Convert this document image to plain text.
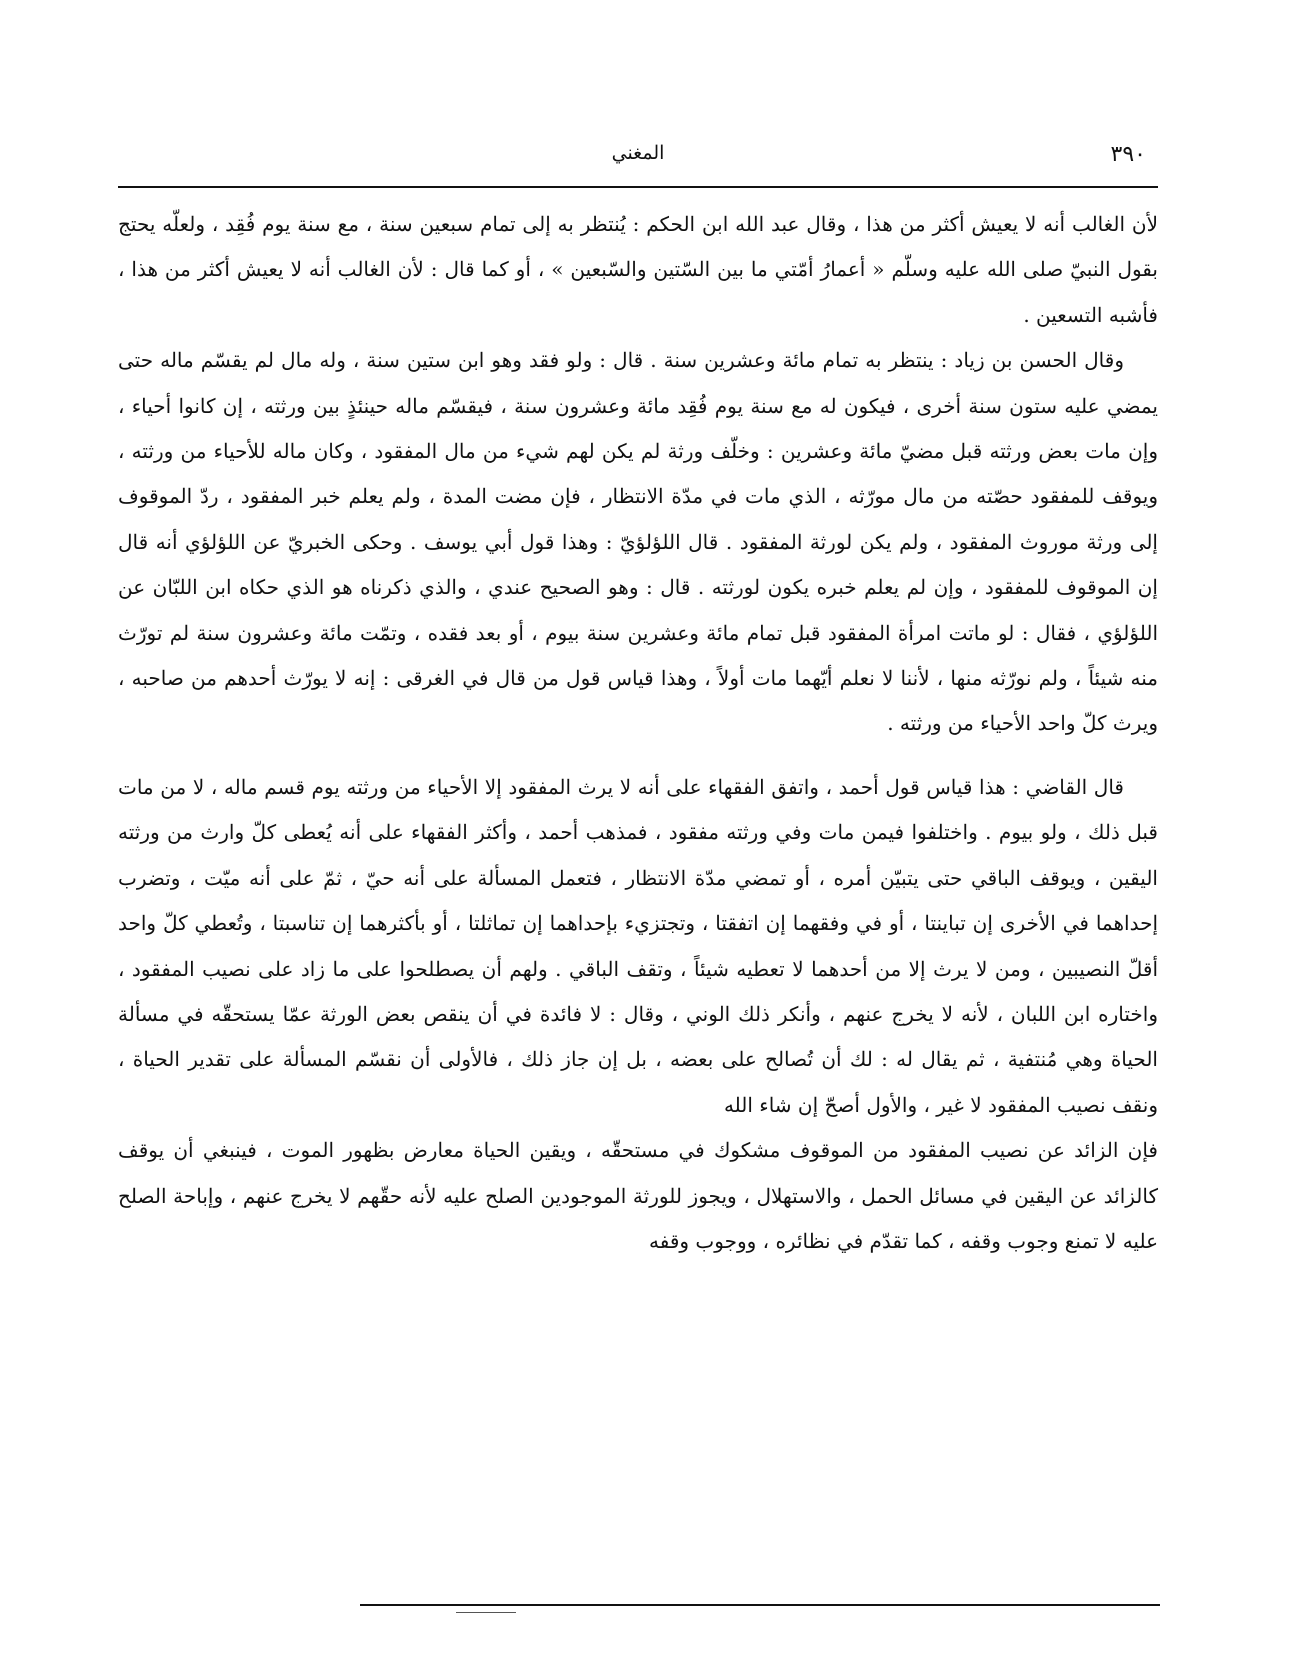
٣٩٠
المغني

لأن الغالب أنه لا يعيش أكثر من هذا ، وقال عبد الله ابن الحكم : يُنتظر به إلى تمام سبعين سنة ، مع سنة يوم فُقِد ، ولعلّه يحتج بقول النبيّ صلى الله عليه وسلّم « أعمارُ أمّتي ما بين السّتين والسّبعين » ، أو كما قال : لأن الغالب أنه لا يعيش أكثر من هذا ، فأشبه التسعين .

وقال الحسن بن زياد : ينتظر به تمام مائة وعشرين سنة . قال : ولو فقد وهو ابن ستين سنة ، وله مال لم يقسّم ماله حتى يمضي عليه ستون سنة أخرى ، فيكون له مع سنة يوم فُقِد مائة وعشرون سنة ، فيقسّم ماله حينئذٍ بين ورثته ، إن كانوا أحياء ، وإن مات بعض ورثته قبل مضيّ مائة وعشرين : وخلّف ورثة لم يكن لهم شيء من مال المفقود ، وكان ماله للأحياء من ورثته ، ويوقف للمفقود حصّته من مال مورّثه ، الذي مات في مدّة الانتظار ، فإن مضت المدة ، ولم يعلم خبر المفقود ، ردّ الموقوف إلى ورثة موروث المفقود ، ولم يكن لورثة المفقود . قال اللؤلؤيّ : وهذا قول أبي يوسف . وحكى الخبريّ عن اللؤلؤي أنه قال إن الموقوف للمفقود ، وإن لم يعلم خبره يكون لورثته . قال : وهو الصحيح عندي ، والذي ذكرناه هو الذي حكاه ابن اللبّان عن اللؤلؤي ، فقال : لو ماتت امرأة المفقود قبل تمام مائة وعشرين سنة بيوم ، أو بعد فقده ، وتمّت مائة وعشرون سنة لم تورّث منه شيئاً ، ولم نورّثه منها ، لأننا لا نعلم أيّهما مات أولاً ، وهذا قياس قول من قال في الغرقى : إنه لا يورّث أحدهم من صاحبه ، ويرث كلّ واحد الأحياء من ورثته .

قال القاضي : هذا قياس قول أحمد ، واتفق الفقهاء على أنه لا يرث المفقود إلا الأحياء من ورثته يوم قسم ماله ، لا من مات قبل ذلك ، ولو بيوم . واختلفوا فيمن مات وفي ورثته مفقود ، فمذهب أحمد ، وأكثر الفقهاء على أنه يُعطى كلّ وارث من ورثته اليقين ، ويوقف الباقي حتى يتبيّن أمره ، أو تمضي مدّة الانتظار ، فتعمل المسألة على أنه حيّ ، ثمّ على أنه ميّت ، وتضرب إحداهما في الأخرى إن تباينتا ، أو في وفقهما إن اتفقتا ، وتجتزيء بإحداهما إن تماثلتا ، أو بأكثرهما إن تناسبتا ، وتُعطي كلّ واحد أقلّ النصيبين ، ومن لا يرث إلا من أحدهما لا تعطيه شيئاً ، وتقف الباقي . ولهم أن يصطلحوا على ما زاد على نصيب المفقود ، واختاره ابن اللبان ، لأنه لا يخرج عنهم ، وأنكر ذلك الوني ، وقال : لا فائدة في أن ينقص بعض الورثة عمّا يستحقّه في مسألة الحياة وهي مُنتفية ، ثم يقال له : لك أن تُصالح على بعضه ، بل إن جاز ذلك ، فالأولى أن نقسّم المسألة على تقدير الحياة ، ونقف نصيب المفقود لا غير ، والأول أصحّ إن شاء الله

فإن الزائد عن نصيب المفقود من الموقوف مشكوك في مستحقّه ، ويقين الحياة معارض بظهور الموت ، فينبغي أن يوقف كالزائد عن اليقين في مسائل الحمل ، والاستهلال ، ويجوز للورثة الموجودين الصلح عليه لأنه حقّهم لا يخرج عنهم ، وإباحة الصلح عليه لا تمنع وجوب وقفه ، كما تقدّم في نظائره ، ووجوب وقفه
